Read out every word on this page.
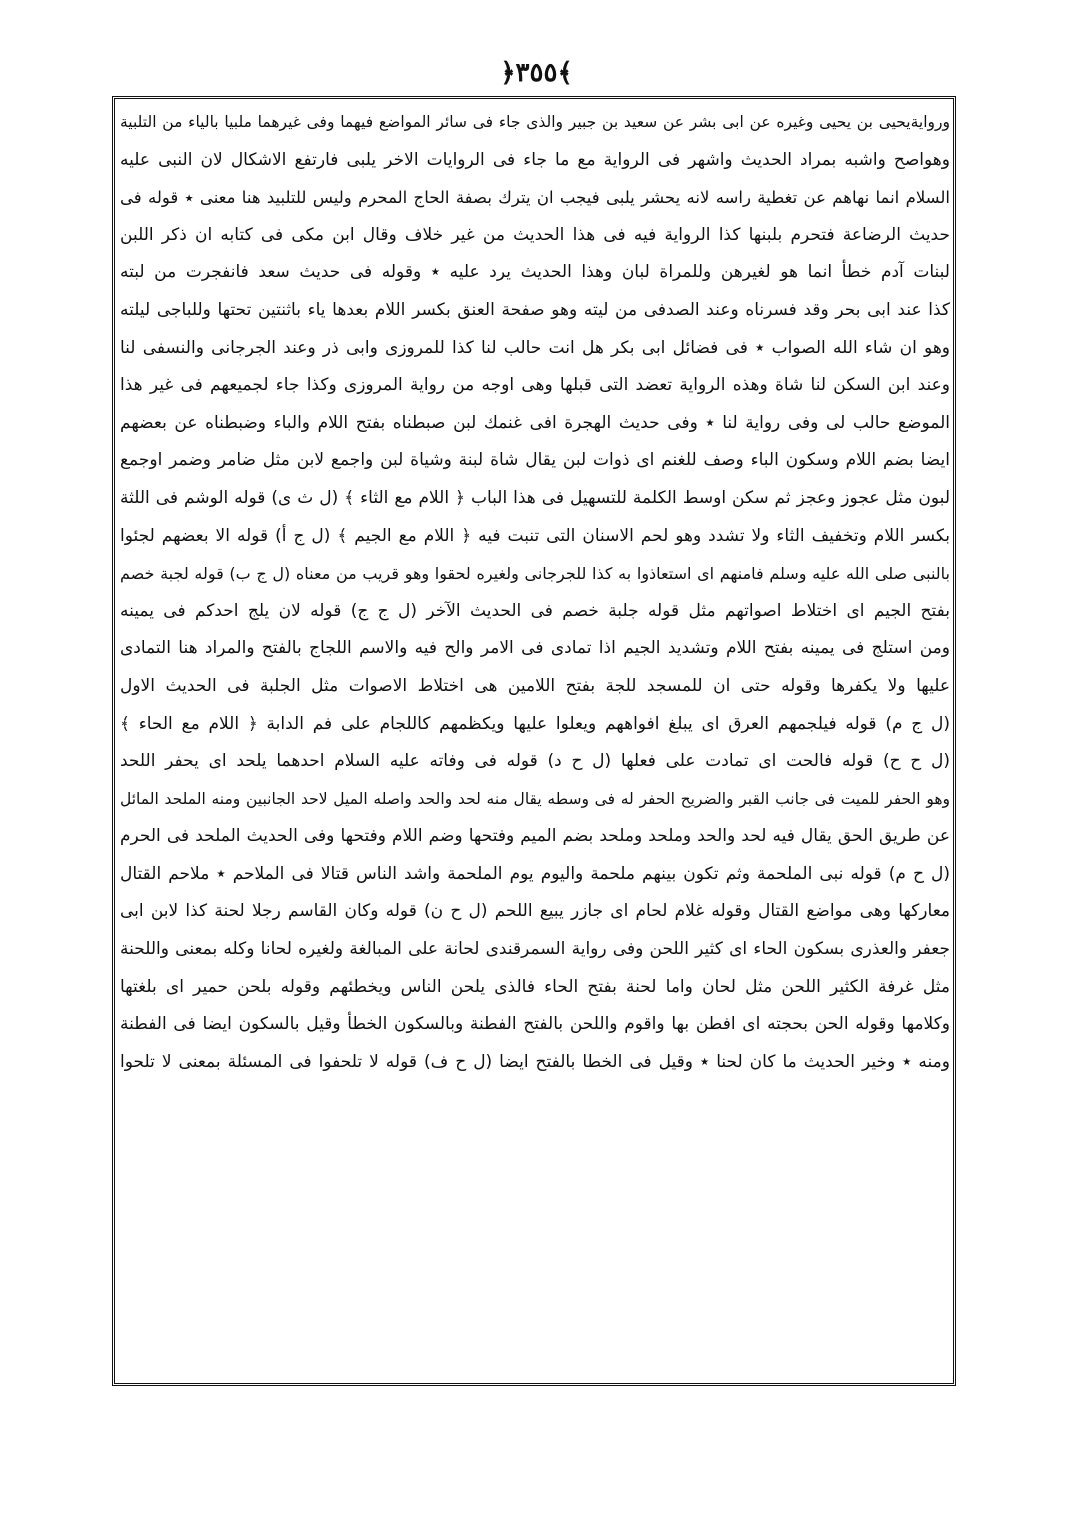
﴿٣٥٥﴾
وروايةيحيى بن يحيى وغيره عن ابى بشر عن سعيد بن جبير والذى جاء فى سائر المواضع فيهما وفى غيرهما ملبيا بالياء من التلبية
وهواصح واشبه بمراد الحديث واشهر فى الرواية مع ما جاء فى الروايات الاخر يلبى فارتفع الاشكال لان النبى عليه
السلام انما نهاهم عن تغطية راسه لانه يحشر يلبى فيجب ان يترك بصفة الحاج المحرم وليس للتلبيد هنا معنى ٭ قوله فى
حديث الرضاعة فتحرم بلبنها كذا الرواية فيه فى هذا الحديث من غير خلاف وقال ابن مكى فى كتابه ان ذكر اللبن
لبنات آدم خطأ انما هو لغيرهن وللمراة لبان وهذا الحديث يرد عليه ٭ وقوله فى حديث سعد فانفجرت من لبته
كذا عند ابى بحر وقد فسرناه وعند الصدفى من ليته وهو صفحة العنق بكسر اللام بعدها ياء باثنتين تحتها وللباجى ليلته
وهو ان شاء الله الصواب ٭ فى فضائل ابى بكر هل انت حالب لنا كذا للمروزى وابى ذر وعند الجرجانى والنسفى لنا
وعند ابن السكن لنا شاة وهذه الرواية تعضد التى قبلها وهى اوجه من رواية المروزى وكذا جاء لجميعهم فى غير هذا
الموضع حالب لى وفى رواية لنا ٭ وفى حديث الهجرة افى غنمك لبن صبطناه بفتح اللام والباء وضبطناه عن بعضهم
ايضا بضم اللام وسكون الباء وصف للغنم اى ذوات لبن يقال شاة لبنة وشياة لبن واجمع لابن مثل ضامر وضمر اوجمع
لبون مثل عجوز وعجز ثم سكن اوسط الكلمة للتسهيل فى هذا الباب ﴿ اللام مع الثاء ﴾ (ل ث ى) قوله الوشم فى اللثة
بكسر اللام وتخفيف الثاء ولا تشدد وهو لحم الاسنان التى تنبت فيه ﴿ اللام مع الجيم ﴾ (ل ج أ) قوله الا بعضهم لجئوا
بالنبى صلى الله عليه وسلم فامنهم اى استعاذوا به كذا للجرجانى ولغيره لحقوا وهو قريب من معناه (ل ج ب) قوله لجبة خصم
بفتح الجيم اى اختلاط اصواتهم مثل قوله جلبة خصم فى الحديث الآخر (ل ج ج) قوله لان يلج احدكم فى يمينه
ومن استلج فى يمينه بفتح اللام وتشديد الجيم اذا تمادى فى الامر والح فيه والاسم اللجاج بالفتح والمراد هنا التمادى
عليها ولا يكفرها وقوله حتى ان للمسجد للجة بفتح اللامين هى اختلاط الاصوات مثل الجلبة فى الحديث الاول
(ل ج م) قوله فيلجمهم العرق اى يبلغ افواههم ويعلوا عليها ويكظمهم كاللجام على فم الدابة ﴿ اللام مع الحاء ﴾
(ل ح ح) قوله فالحت اى تمادت على فعلها (ل ح د) قوله فى وفاته عليه السلام احدهما يلحد اى يحفر اللحد
وهو الحفر للميت فى جانب القبر والضريح الحفر له فى وسطه يقال منه لحد والحد واصله الميل لاحد الجانبين ومنه الملحد المائل
عن طريق الحق يقال فيه لحد والحد وملحد وملحد بضم الميم وفتحها وضم اللام وفتحها وفى الحديث الملحد فى الحرم
(ل ح م) قوله نبى الملحمة وثم تكون بينهم ملحمة واليوم يوم الملحمة واشد الناس قتالا فى الملاحم ٭ ملاحم القتال
معاركها وهى مواضع القتال وقوله غلام لحام اى جازر يبيع اللحم (ل ح ن) قوله وكان القاسم رجلا لحنة كذا لابن ابى
جعفر والعذرى بسكون الحاء اى كثير اللحن وفى رواية السمرقندى لحانة على المبالغة ولغيره لحانا وكله بمعنى واللحنة
مثل غرفة الكثير اللحن مثل لحان واما لحنة بفتح الحاء فالذى يلحن الناس ويخطئهم وقوله بلحن حمير اى بلغتها
وكلامها وقوله الحن بحجته اى افطن بها واقوم واللحن بالفتح الفطنة وبالسكون الخطأ وقيل بالسكون ايضا فى الفطنة
ومنه ٭ وخير الحديث ما كان لحنا ٭ وقيل فى الخطا بالفتح ايضا (ل ح ف) قوله لا تلحفوا فى المسئلة بمعنى لا تلحوا
